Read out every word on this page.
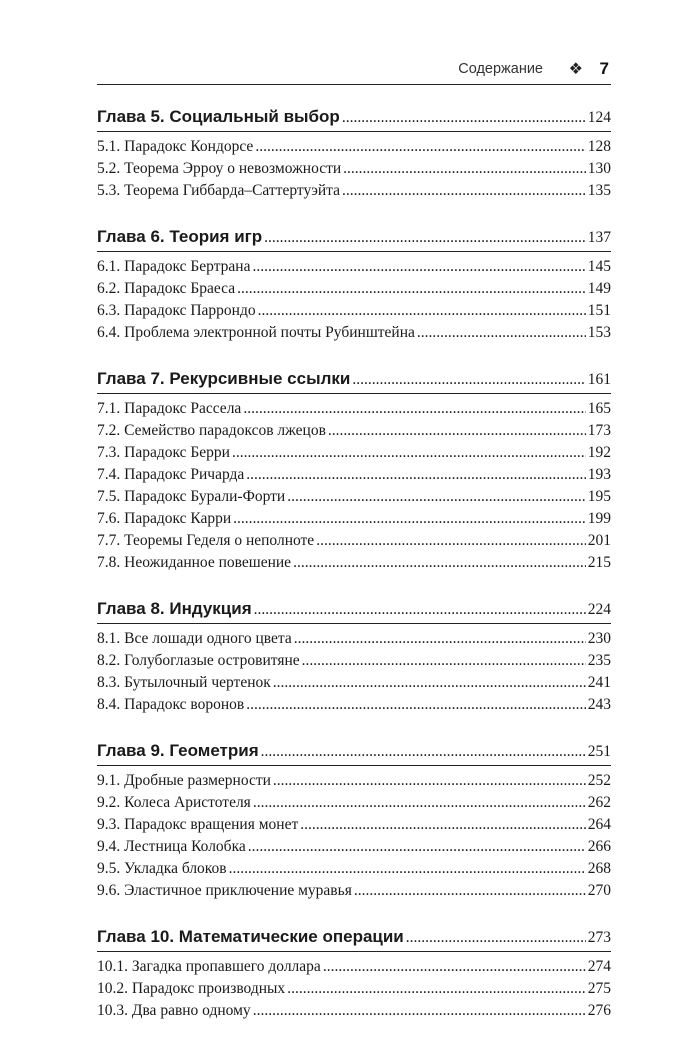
Содержание ❖ 7
Глава 5. Социальный выбор .....	124
5.1. Парадокс Кондорсе .....	128
5.2. Теорема Эрроу о невозможности .....	130
5.3. Теорема Гиббарда–Саттертуэйта .....	135
Глава 6. Теория игр .....	137
6.1. Парадокс Бертрана .....	145
6.2. Парадокс Браеса .....	149
6.3. Парадокс Паррондо .....	151
6.4. Проблема электронной почты Рубинштейна .....	153
Глава 7. Рекурсивные ссылки .....	161
7.1. Парадокс Рассела .....	165
7.2. Семейство парадоксов лжецов .....	173
7.3. Парадокс Берри .....	192
7.4. Парадокс Ричарда .....	193
7.5. Парадокс Бурали-Форти .....	195
7.6. Парадокс Карри .....	199
7.7. Теоремы Геделя о неполноте .....	201
7.8. Неожиданное повешение .....	215
Глава 8. Индукция .....	224
8.1. Все лошади одного цвета .....	230
8.2. Голубоглазые островитяне .....	235
8.3. Бутылочный чертенок .....	241
8.4. Парадокс воронов .....	243
Глава 9. Геометрия .....	251
9.1. Дробные размерности .....	252
9.2. Колеса Аристотеля .....	262
9.3. Парадокс вращения монет .....	264
9.4. Лестница Колобка .....	266
9.5. Укладка блоков .....	268
9.6. Эластичное приключение муравья .....	270
Глава 10. Математические операции .....	273
10.1. Загадка пропавшего доллара .....	274
10.2. Парадокс производных .....	275
10.3. Два равно одному .....	276
